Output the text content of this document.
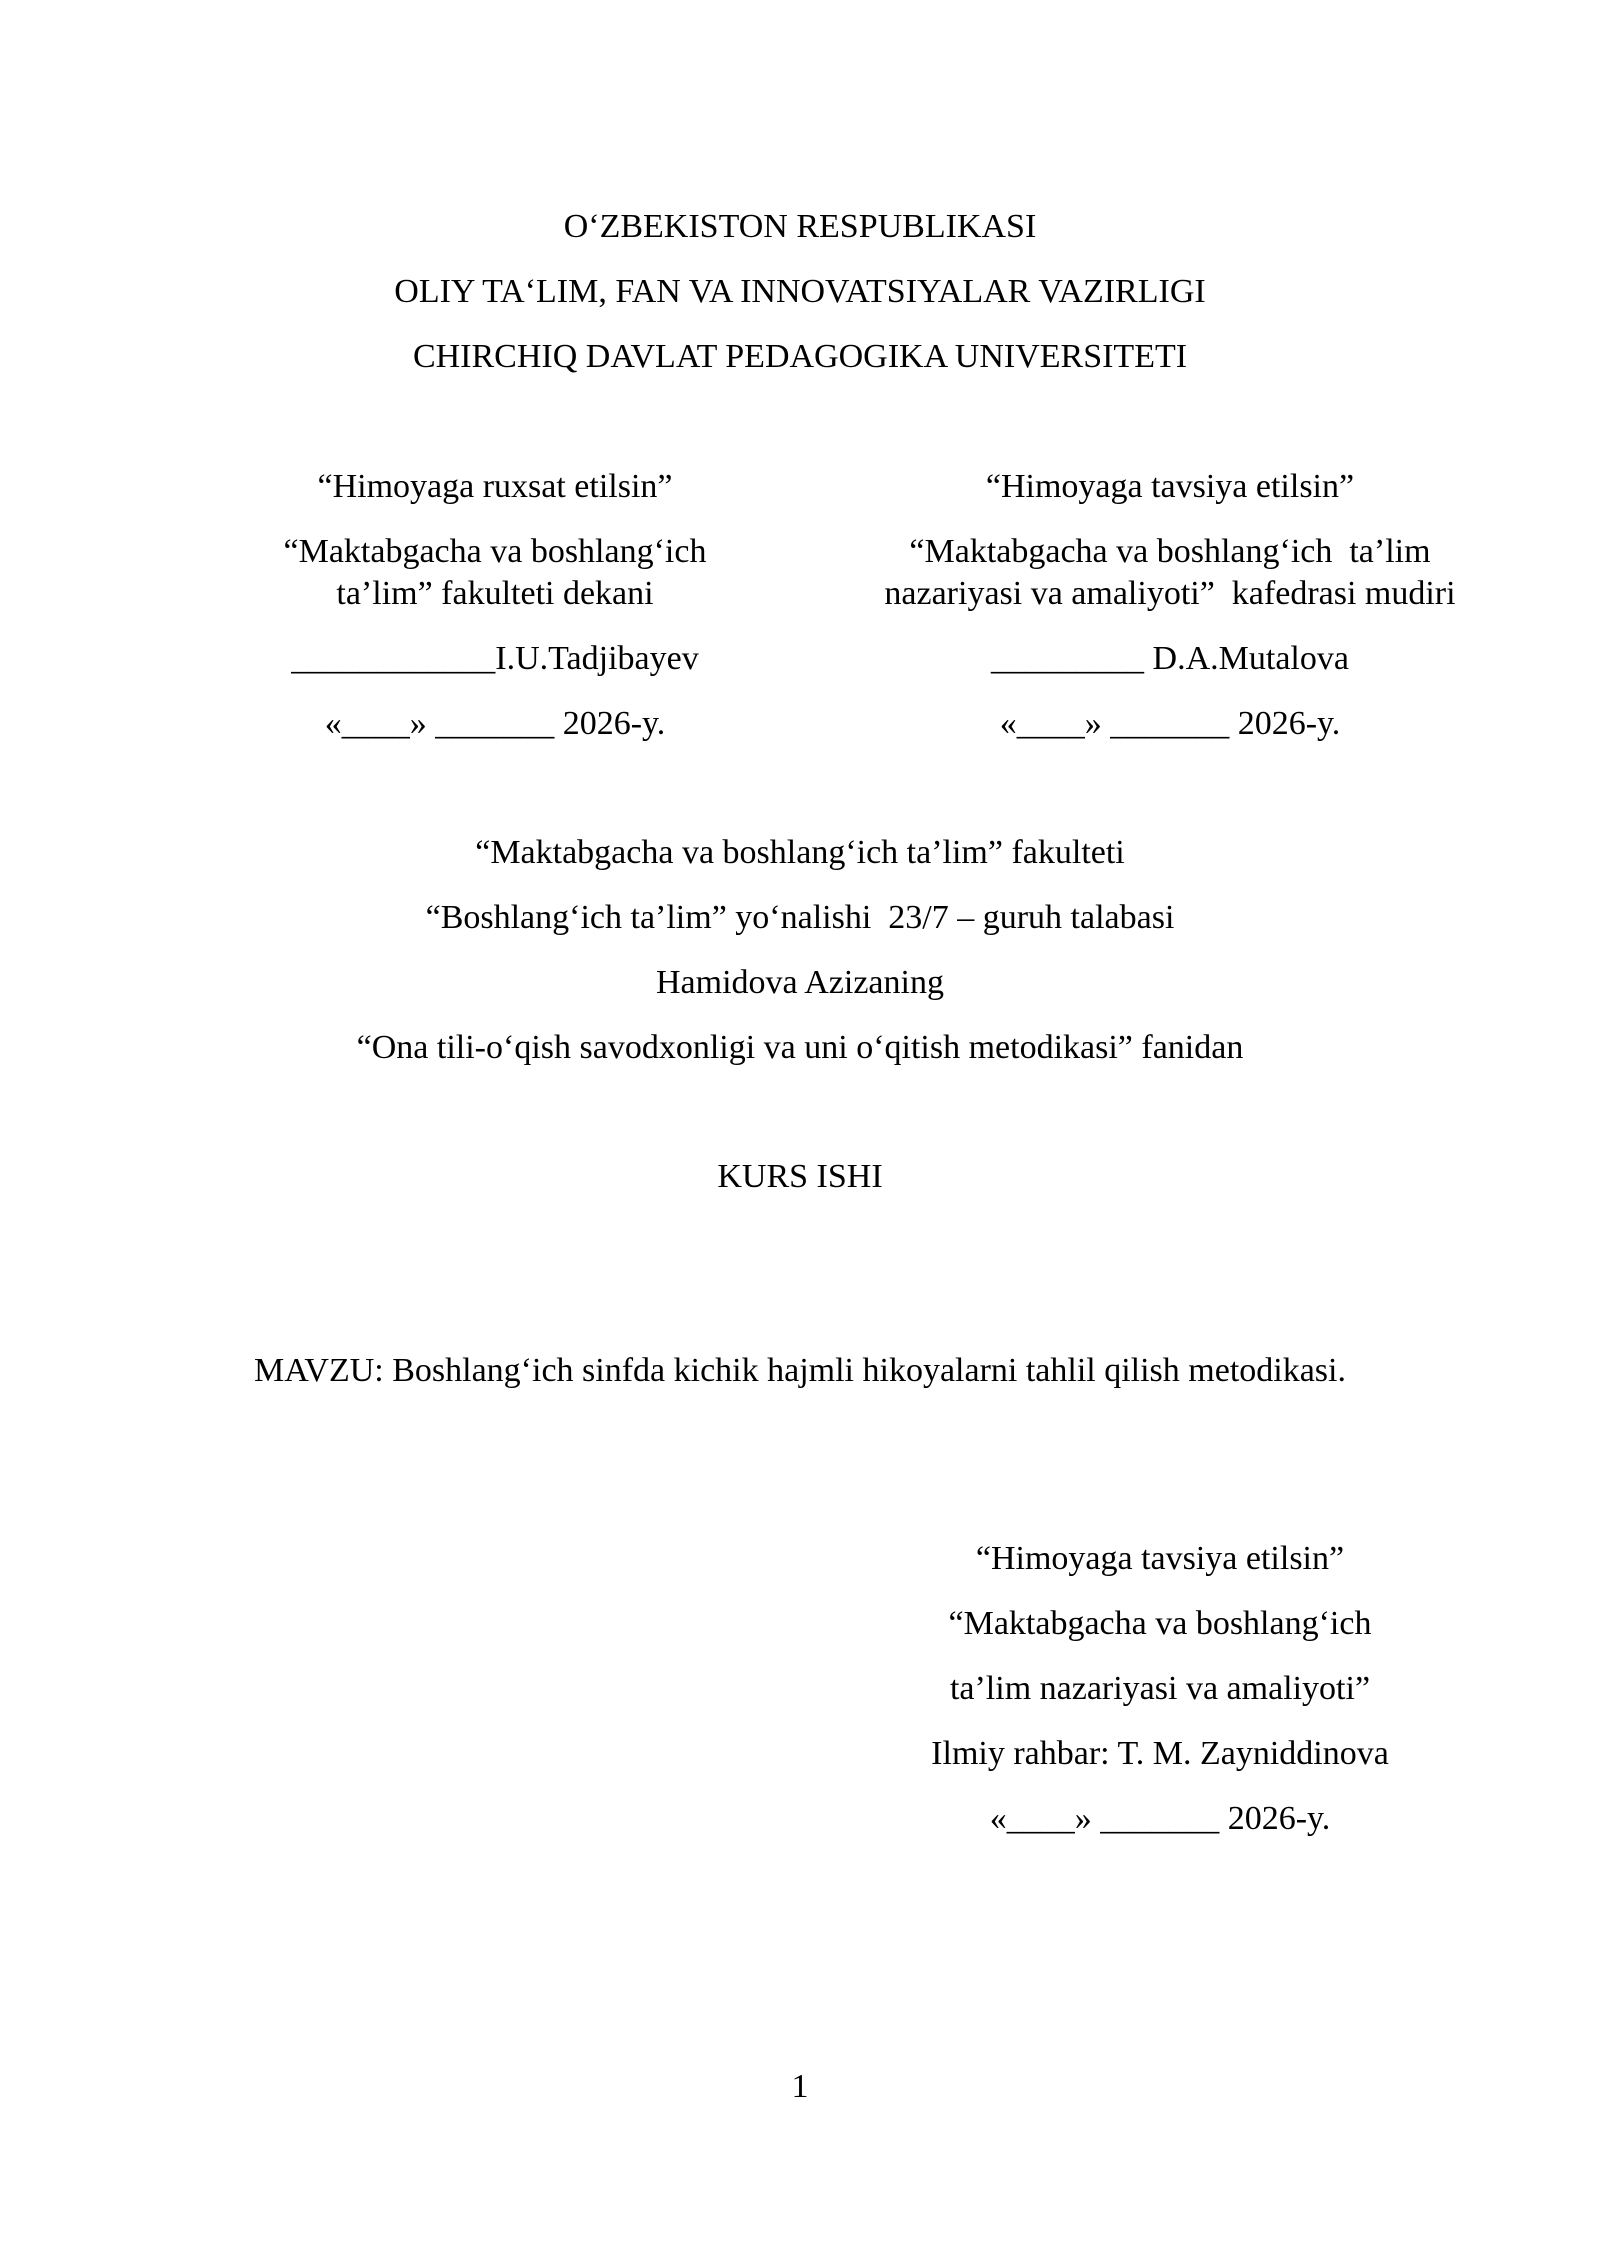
O‘ZBEKISTON RESPUBLIKASI
OLIY TA‘LIM, FAN VA INNOVATSIYALAR VAZIRLIGI
CHIRCHIQ DAVLAT PEDAGOGIKA UNIVERSITETI
“Himoyaga ruxsat etilsin”
“Maktabgacha va boshlang‘ich
ta’lim” fakulteti dekani
____________I.U.Tadjibayev
«____» _______ 2026-y.
“Himoyaga tavsiya etilsin”
“Maktabgacha va boshlang‘ich  ta’lim
nazariyasi va amaliyoti”  kafedrasi mudiri
_________ D.A.Mutalova
«____» _______ 2026-y.
“Maktabgacha va boshlang‘ich ta’lim” fakulteti
“Boshlang‘ich ta’lim” yo‘nalishi  23/7 – guruh talabasi
Hamidova Azizaning
“Ona tili-o‘qish savodxonligi va uni o‘qitish metodikasi” fanidan
KURS ISHI
MAVZU: Boshlang‘ich sinfda kichik hajmli hikoyalarni tahlil qilish metodikasi.
“Himoyaga tavsiya etilsin”
“Maktabgacha va boshlang‘ich
ta’lim nazariyasi va amaliyoti”
Ilmiy rahbar: T. M. Zayniddinova
«____» _______ 2026-y.
1
